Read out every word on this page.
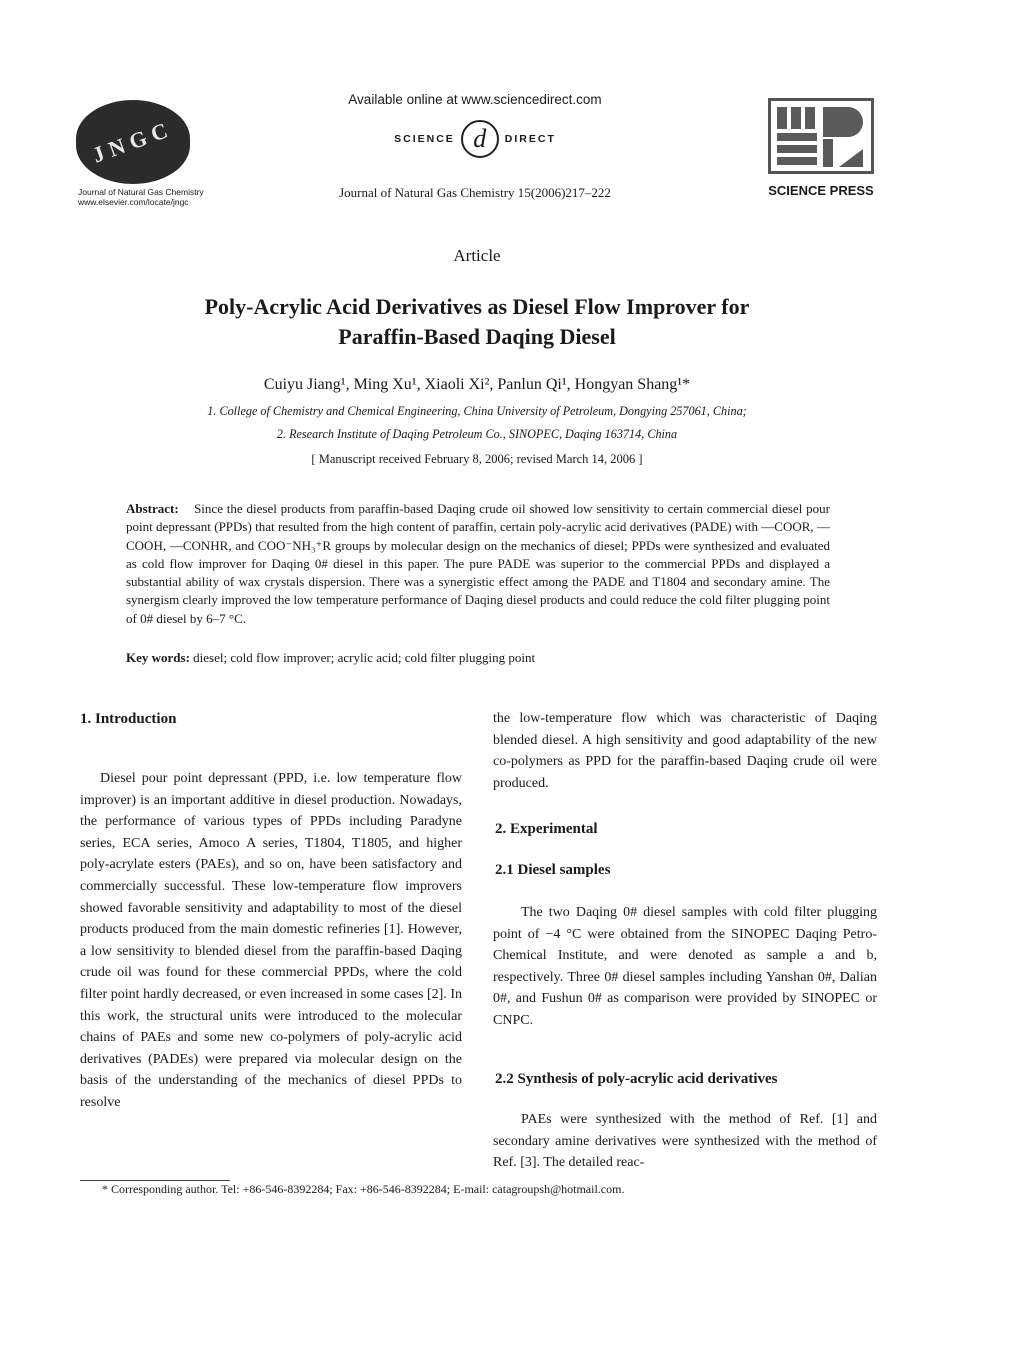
JNGC
Journal of Natural Gas Chemistry
www.elsevier.com/locate/jngc
Available online at www.sciencedirect.com
SCIENCE d	DIRECT
Journal of Natural Gas Chemistry 15(2006)217–222	SCIENCE PRESS
Article
Poly-Acrylic Acid Derivatives as Diesel Flow Improver for
Paraffin-Based Daqing Diesel
Cuiyu Jiang¹, Ming Xu¹, Xiaoli Xi², Panlun Qi¹, Hongyan Shang¹*
1. College of Chemistry and Chemical Engineering, China University of Petroleum, Dongying 257061, China;
2. Research Institute of Daqing Petroleum Co., SINOPEC, Daqing 163714, China
[ Manuscript received February 8, 2006; revised March 14, 2006 ]
Abstract: Since the diesel products from paraffin-based Daqing crude oil showed low sensitivity to certain commercial diesel pour point depressant (PPDs) that resulted from the high content of paraffin, certain poly-acrylic acid derivatives (PADE) with —COOR, —COOH, —CONHR, and COO⁻NH₃⁺R groups by molecular design on the mechanics of diesel; PPDs were synthesized and evaluated as cold flow improver for Daqing 0# diesel in this paper. The pure PADE was superior to the commercial PPDs and displayed a substantial ability of wax crystals dispersion. There was a synergistic effect among the PADE and T1804 and secondary amine. The synergism clearly improved the low temperature performance of Daqing diesel products and could reduce the cold filter plugging point of 0# diesel by 6–7 °C.
Key words: diesel; cold flow improver; acrylic acid; cold filter plugging point
1. Introduction
Diesel pour point depressant (PPD, i.e. low temperature flow improver) is an important additive in diesel production. Nowadays, the performance of various types of PPDs including Paradyne series, ECA series, Amoco A series, T1804, T1805, and higher poly-acrylate esters (PAEs), and so on, have been satisfactory and commercially successful. These low-temperature flow improvers showed favorable sensitivity and adaptability to most of the diesel products produced from the main domestic refineries [1]. However, a low sensitivity to blended diesel from the paraffin-based Daqing crude oil was found for these commercial PPDs, where the cold filter point hardly decreased, or even increased in some cases [2]. In this work, the structural units were introduced to the molecular chains of PAEs and some new co-polymers of poly-acrylic acid derivatives (PADEs) were prepared via molecular design on the basis of the understanding of the mechanics of diesel PPDs to resolve
the low-temperature flow which was characteristic of Daqing blended diesel. A high sensitivity and good adaptability of the new co-polymers as PPD for the paraffin-based Daqing crude oil were produced.
2. Experimental
2.1 Diesel samples
The two Daqing 0# diesel samples with cold filter plugging point of −4 °C were obtained from the SINOPEC Daqing Petro-Chemical Institute, and were denoted as sample a and b, respectively. Three 0# diesel samples including Yanshan 0#, Dalian 0#, and Fushun 0# as comparison were provided by SINOPEC or CNPC.
2.2 Synthesis of poly-acrylic acid derivatives
PAEs were synthesized with the method of Ref. [1] and secondary amine derivatives were synthesized with the method of Ref. [3]. The detailed reac-
* Corresponding author. Tel: +86-546-8392284; Fax: +86-546-8392284; E-mail: catagroupsh@hotmail.com.
